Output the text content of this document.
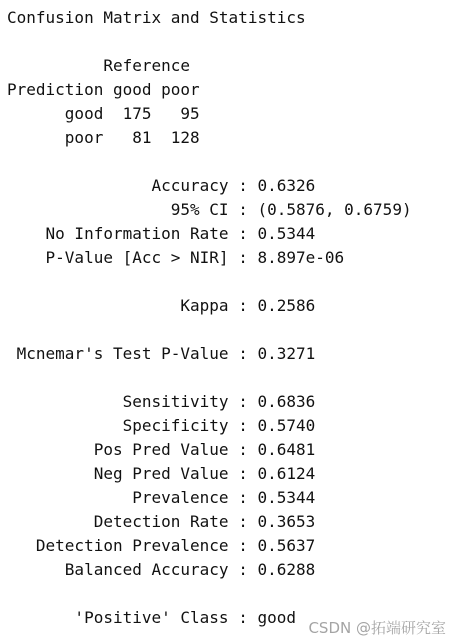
Confusion Matrix and Statistics
Reference
Prediction good poor
good  175   95
poor   81  128
Accuracy : 0.6326
95% CI : (0.5876, 0.6759)
No Information Rate : 0.5344
P-Value [Acc > NIR] : 8.897e-06
Kappa : 0.2586
Mcnemar's Test P-Value : 0.3271
Sensitivity : 0.6836
Specificity : 0.5740
Pos Pred Value : 0.6481
Neg Pred Value : 0.6124
Prevalence : 0.5344
Detection Rate : 0.3653
Detection Prevalence : 0.5637
Balanced Accuracy : 0.6288
'Positive' Class : good
CSDN @拓端研究室
